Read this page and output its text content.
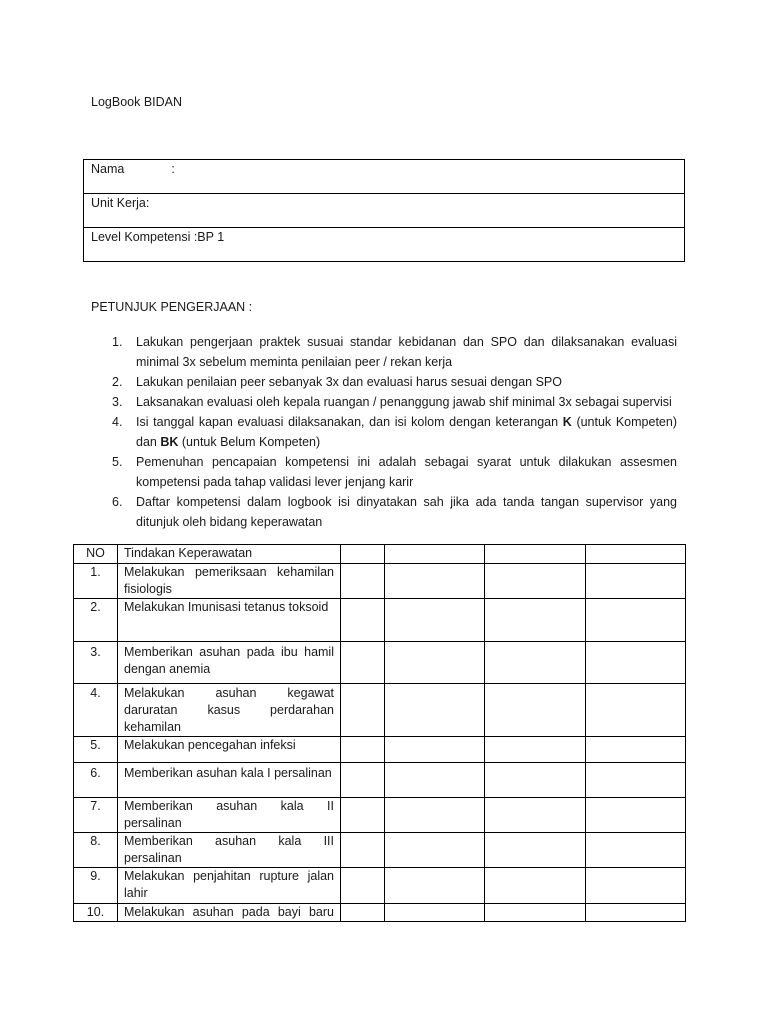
LogBook BIDAN
Nama	:
Unit Kerja:
Level Kompetensi :BP 1
PETUNJUK PENGERJAAN :
1. Lakukan pengerjaan praktek susuai standar kebidanan dan SPO dan dilaksanakan evaluasi minimal 3x sebelum meminta penilaian peer / rekan kerja
2. Lakukan penilaian peer sebanyak 3x dan evaluasi harus sesuai dengan SPO
3. Laksanakan evaluasi oleh kepala ruangan / penanggung jawab shif minimal 3x sebagai supervisi
4. Isi tanggal kapan evaluasi dilaksanakan, dan isi kolom dengan keterangan K (untuk Kompeten) dan BK (untuk Belum Kompeten)
5. Pemenuhan pencapaian kompetensi ini adalah sebagai syarat untuk dilakukan assesmen kompetensi pada tahap validasi lever jenjang karir
6. Daftar kompetensi dalam logbook isi dinyatakan sah jika ada tanda tangan supervisor yang ditunjuk oleh bidang keperawatan
NO	Tindakan Keperawatan				
1.	Melakukan pemeriksaan kehamilan fisiologis				
2.	Melakukan Imunisasi tetanus toksoid				
3.	Memberikan asuhan pada ibu hamil dengan anemia				
4.	Melakukan asuhan kegawat daruratan kasus perdarahan kehamilan				
5.	Melakukan pencegahan infeksi				
6.	Memberikan asuhan kala I persalinan				
7.	Memberikan asuhan kala II persalinan				
8.	Memberikan asuhan kala III persalinan				
9.	Melakukan penjahitan rupture jalan lahir				
10.	Melakukan asuhan pada bayi baru				
